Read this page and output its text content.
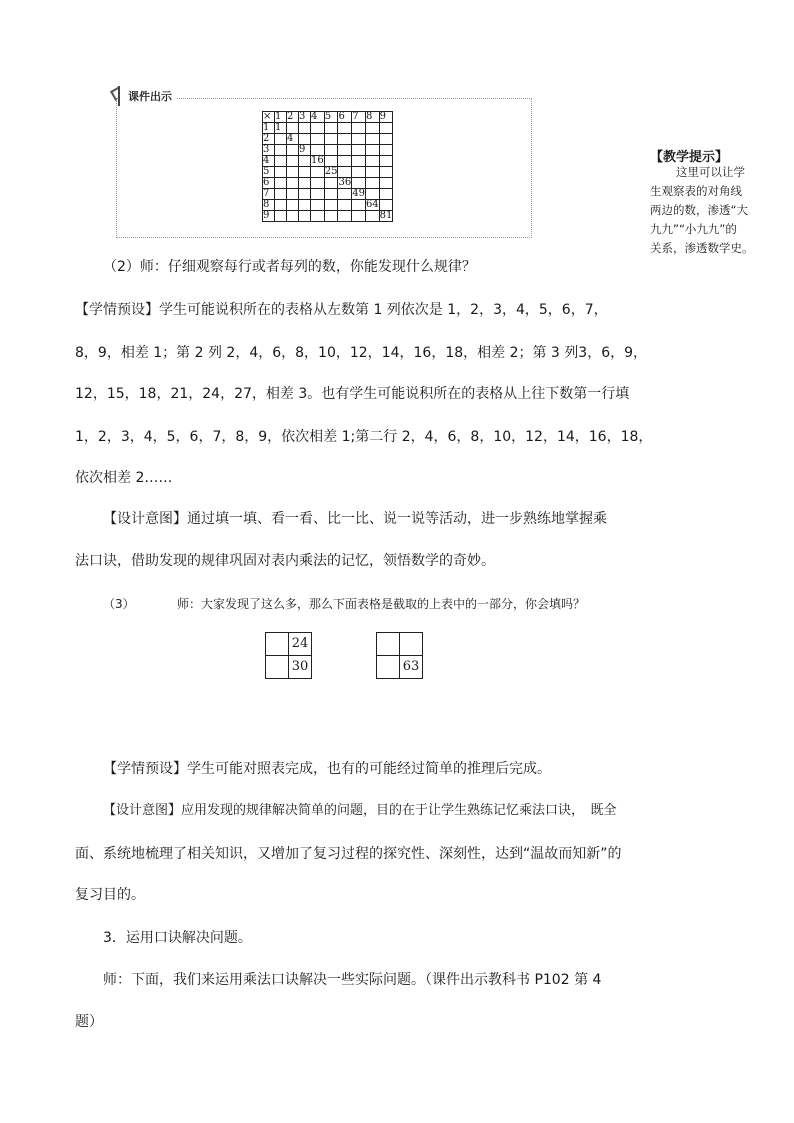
课件出示
×	1	2	3	4	5	6	7	8	9
1	1								
2		4							
3			9						
4				16					
5					25				
6						36			
7							49		
8								64	
9									81
【教学提示】
这里可以让学
生观察表的对角线
两边的数，渗透“大
九九”“小九九”的
关系，渗透数学史。

（2）师：仔细观察每行或者每列的数，你能发现什么规律？

【学情预设】学生可能说积所在的表格从左数第 1 列依次是 1，2，3，4，5，6，7，

8，9，相差 1；第 2 列 2，4，6，8，10，12，14，16，18，相差 2；第 3 列3，6，9，

12，15，18，21，24，27，相差 3。也有学生可能说积所在的表格从上往下数第一行填

1，2，3，4，5，6，7，8，9，依次相差 1;第二行 2，4，6，8，10，12，14，16，18，

依次相差 2……

【设计意图】通过填一填、看一看、比一比、说一说等活动，进一步熟练地掌握乘

法口诀，借助发现的规律巩固对表内乘法的记忆，领悟数学的奇妙。

（3）	师：大家发现了这么多，那么下面表格是截取的上表中的一部分，你会填吗？

	24
	30

		63

【学情预设】学生可能对照表完成，也有的可能经过简单的推理后完成。

【设计意图】应用发现的规律解决简单的问题，目的在于让学生熟练记忆乘法口诀，　既全

面、系统地梳理了相关知识，又增加了复习过程的探究性、深刻性，达到“温故而知新”的

复习目的。

3．运用口诀解决问题。

师：下面，我们来运用乘法口诀解决一些实际问题。（课件出示教科书 P102 第 4

题）
